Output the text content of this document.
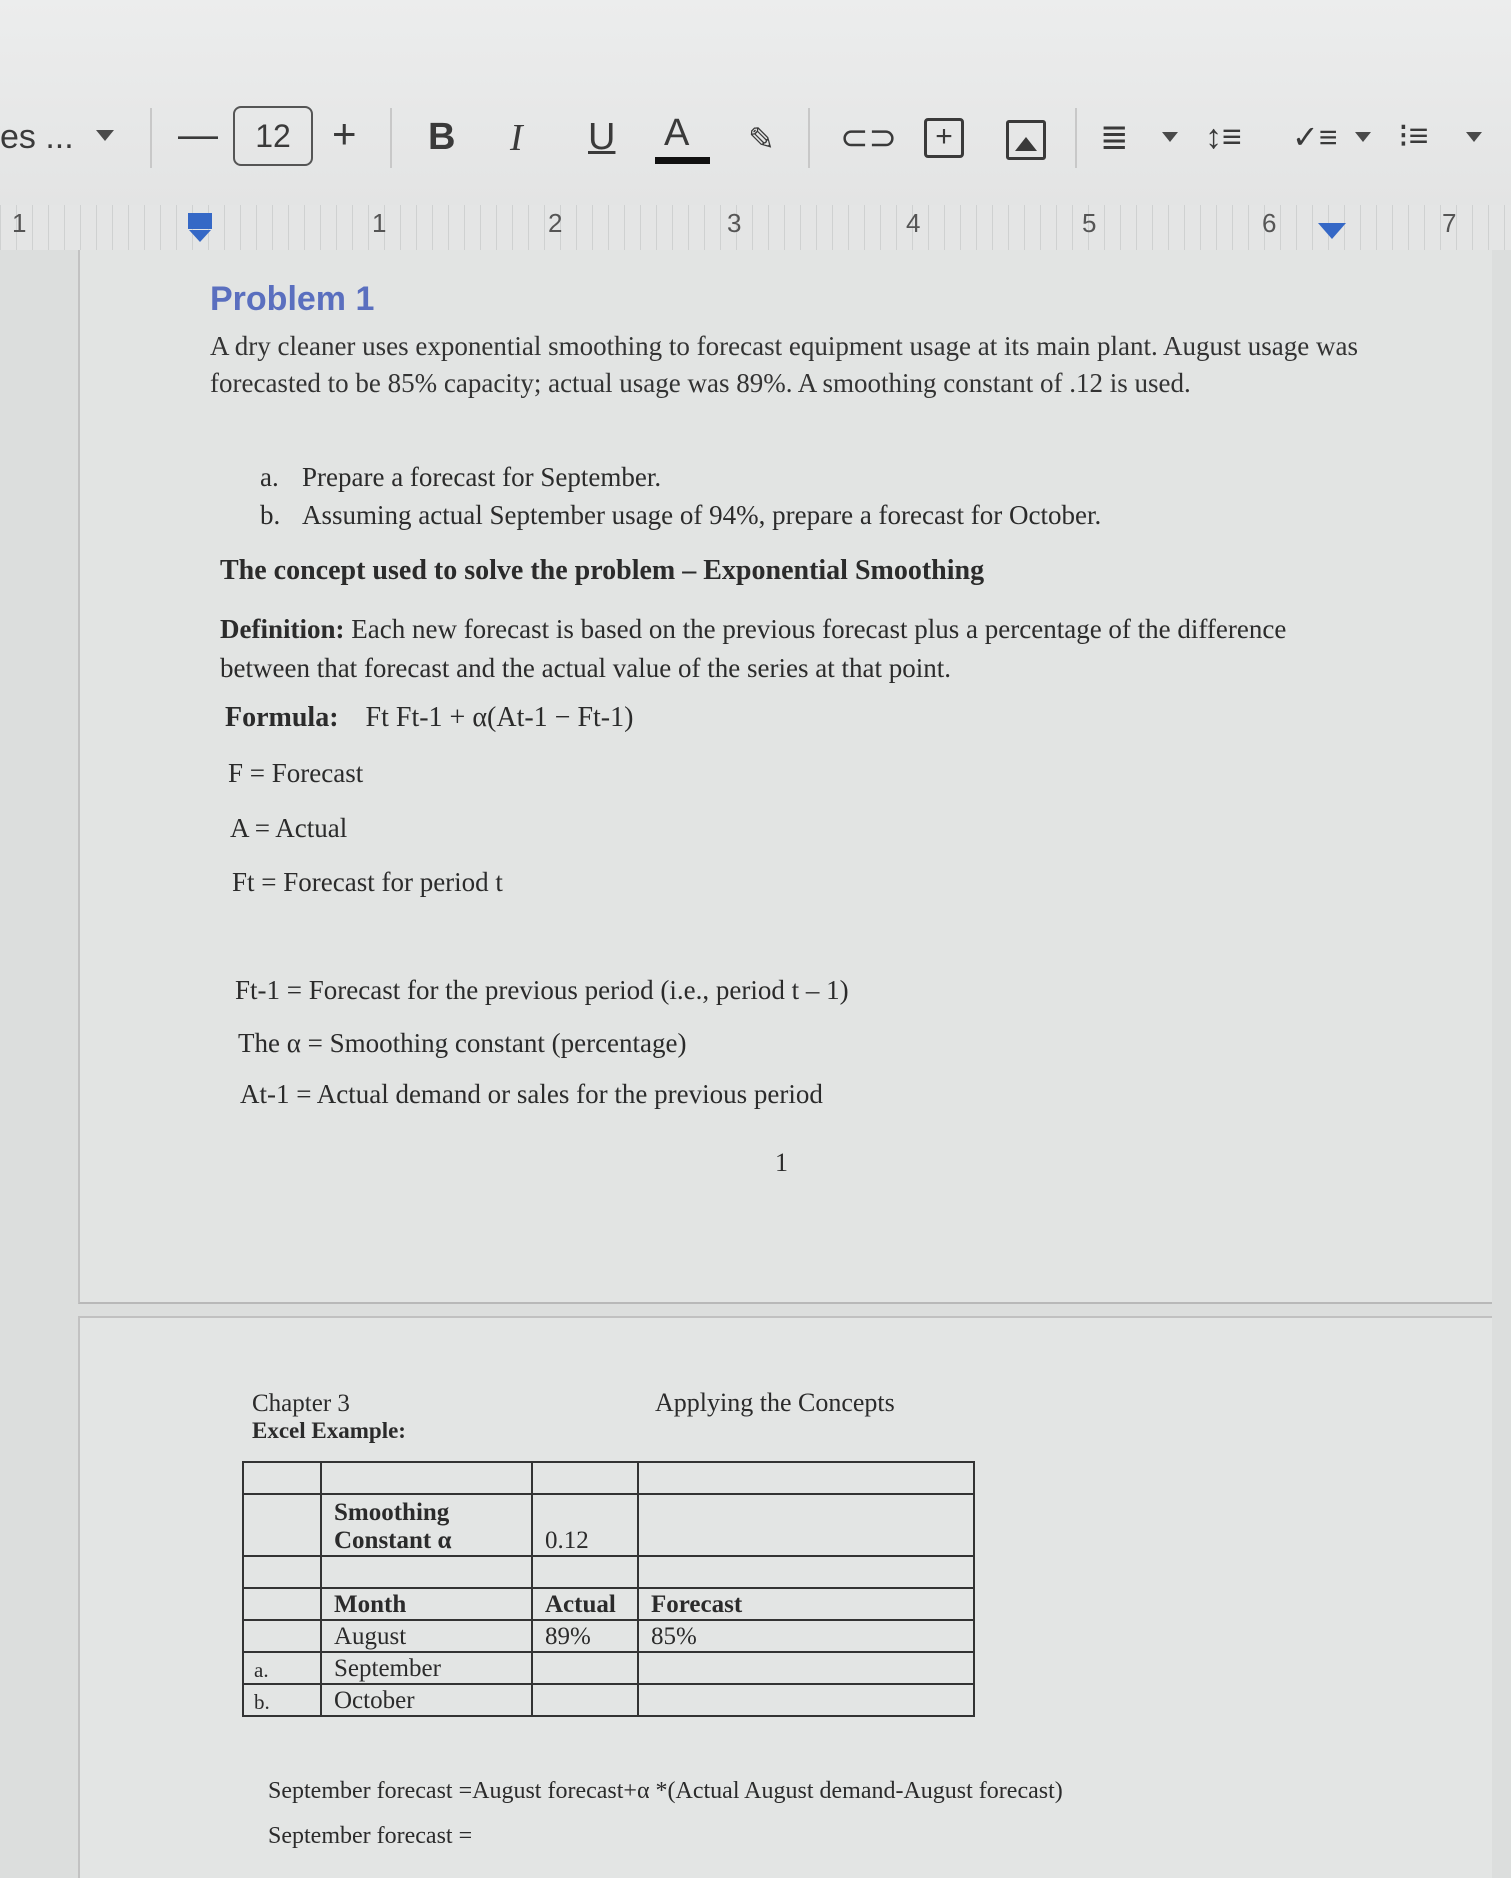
es ...	—	12 + B I U A ✎ ⊂⊃	+	≣ ↕≡ ✓≡ ⁝≡
1	1	2	3	4	5	6	7
Problem 1
A dry cleaner uses exponential smoothing to forecast equipment usage at its main plant. August usage was forecasted to be 85% capacity; actual usage was 89%. A smoothing constant of .12 is used.
a. Prepare a forecast for September.
b. Assuming actual September usage of 94%, prepare a forecast for October.
The concept used to solve the problem – Exponential Smoothing
Definition: Each new forecast is based on the previous forecast plus a percentage of the difference between that forecast and the actual value of the series at that point.
Formula: Ft Ft-1 + α(At-1 − Ft-1)
F = Forecast
A = Actual
Ft = Forecast for period t
Ft-1 = Forecast for the previous period (i.e., period t – 1)
The α = Smoothing constant (percentage)
At-1 = Actual demand or sales for the previous period
1
Chapter 3
Excel Example:
Applying the Concepts

	Smoothing
Constant α	0.12	

	Month	Actual	Forecast
	August	89%	85%
a.	September		
b.	October		
September forecast =August forecast+α *(Actual August demand-August forecast)
September forecast =
